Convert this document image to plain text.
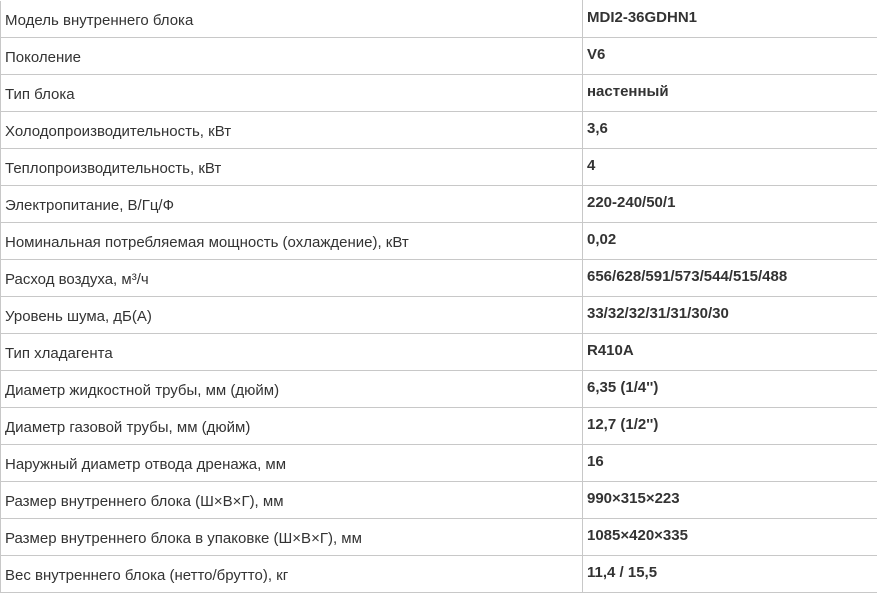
Модель внутреннего блока	MDI2-36GDHN1
Поколение	V6
Тип блока	настенный
Холодопроизводительность, кВт	3,6
Теплопроизводительность, кВт	4
Электропитание, В/Гц/Ф	220-240/50/1
Номинальная потребляемая мощность (охлаждение), кВт	0,02
Расход воздуха, м³/ч	656/628/591/573/544/515/488
Уровень шума, дБ(А)	33/32/32/31/31/30/30
Тип хладагента	R410A
Диаметр жидкостной трубы, мм (дюйм)	6,35 (1/4'')
Диаметр газовой трубы, мм (дюйм)	12,7 (1/2'')
Наружный диаметр отвода дренажа, мм	16
Размер внутреннего блока (Ш×В×Г), мм	990×315×223
Размер внутреннего блока в упаковке (Ш×В×Г), мм	1085×420×335
Вес внутреннего блока (нетто/брутто), кг	11,4 / 15,5
